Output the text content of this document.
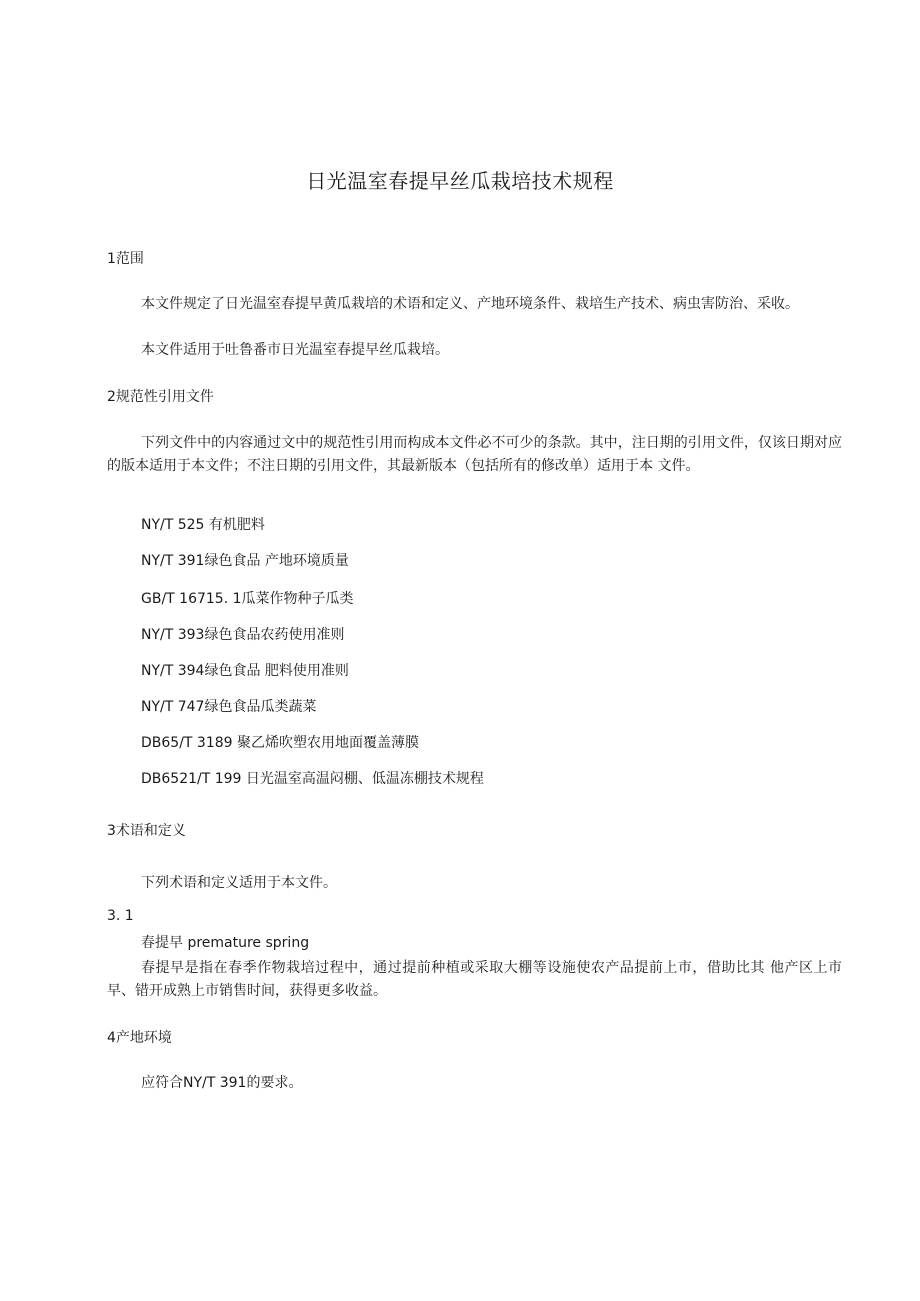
日光温室春提早丝瓜栽培技术规程
1范围
本文件规定了日光温室春提早黄瓜栽培的术语和定义、产地环境条件、栽培生产技术、病虫害防治、采收。
本文件适用于吐鲁番市日光温室春提早丝瓜栽培。
2规范性引用文件
下列文件中的内容通过文中的规范性引用而构成本文件必不可少的条款。其中，注日期的引用文件，仅该日期对应的版本适用于本文件；不注日期的引用文件，其最新版本（包括所有的修改单）适用于本 文件。
NY/T 525 有机肥料
NY/T 391绿色食品 产地环境质量
GB/T 16715. 1瓜菜作物种子瓜类
NY/T 393绿色食品农药使用准则
NY/T 394绿色食品 肥料使用准则
NY/T 747绿色食品瓜类蔬菜
DB65/T 3189 聚乙烯吹塑农用地面覆盖薄膜
DB6521/T 199 日光温室高温闷棚、低温冻棚技术规程
3术语和定义
下列术语和定义适用于本文件。
3. 1
春提早 premature spring
春提早是指在春季作物栽培过程中，通过提前种植或采取大棚等设施使农产品提前上市，借助比其 他产区上市早、错开成熟上市销售时间，获得更多收益。
4产地环境
应符合NY/T 391的要求。
